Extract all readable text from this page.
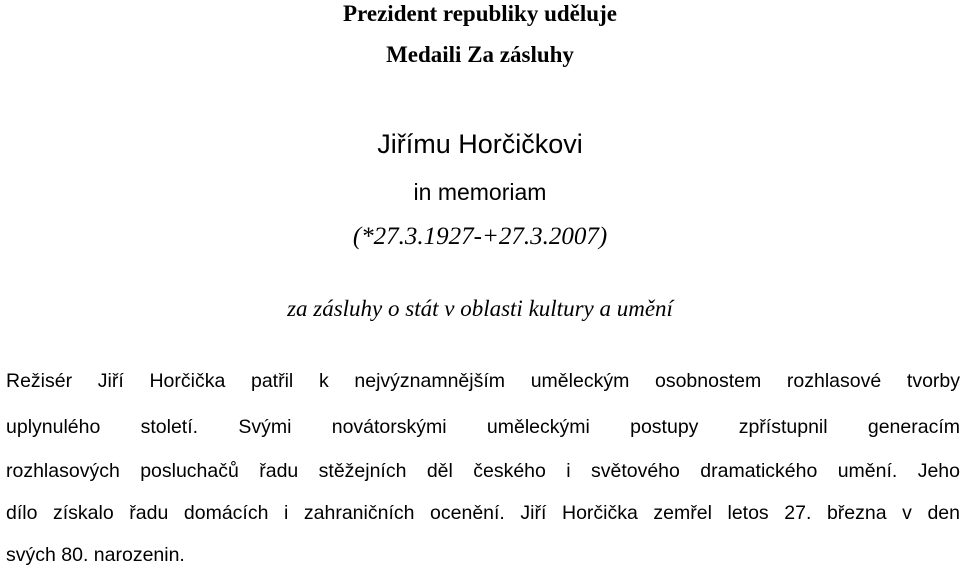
Prezident republiky uděluje
Medaili Za zásluhy
Jiřímu Horčičkovi
in memoriam
(*27.3.1927-+27.3.2007)
za zásluhy o stát v oblasti kultury a umění
Režisér Jiří Horčička patřil k nejvýznamnějším uměleckým osobnostem rozhlasové tvorby
uplynulého století. Svými novátorskými uměleckými postupy zpřístupnil generacím
rozhlasových posluchačů řadu stěžejních děl českého i světového dramatického umění. Jeho
dílo získalo řadu domácích i zahraničních ocenění. Jiří Horčička zemřel letos 27. března v den
svých 80. narozenin.
